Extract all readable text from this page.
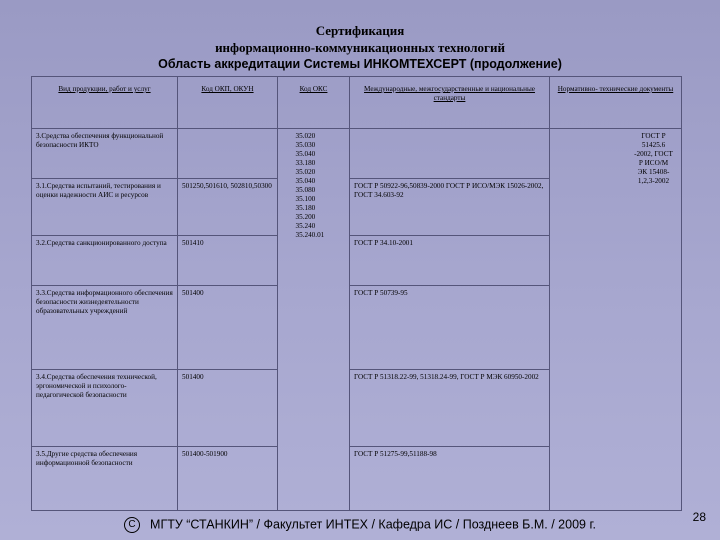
Сертификация
информационно-коммуникационных технологий
Область аккредитации Системы ИНКОМТЕХСЕРТ (продолжение)
Вид продукции, работ и услуг	Код ОКП, ОКУН	Код ОКС	Международные, межгосударственные и национальные стандарты	Нормативно- технические документы
3.Средства обеспечения функциональной безопасности ИКТО		35.020 35.030 35.040 33.180 35.020 35.040 35.080 35.100 35.180 35.200 35.240 35.240.01		ГОСТ Р 51425.6 -2002, ГОСТ Р ИСО/М ЭК 15408-1,2,3-2002

3.1.Средства испытаний, тестирования и оценки надежности АИС и ресурсов	501250,501610, 502810,50300		ГОСТ Р 50922-96,50839-2000 ГОСТ Р ИСО/МЭК 15026-2002, ГОСТ 34.603-92	
3.2.Средства санкционированного доступа	501410		ГОСТ Р 34.10-2001	
3.3.Средства информационного обеспечения безопасности жизнедеятельности образовательных учреждений	501400		ГОСТ Р 50739-95	
3.4.Средства обеспечения технической, эргономической и психолого-педагогической безопасности	501400		ГОСТ Р 51318.22-99, 51318.24-99, ГОСТ Р МЭК 60950-2002	
3.5.Другие средства обеспечения информационной безопасности	501400-501900		ГОСТ Р 51275-99,51188-98	
C МГТУ “СТАНКИН” / Факультет ИНТЕХ / Кафедра ИС / Позднеев Б.М. / 2009 г.
28
